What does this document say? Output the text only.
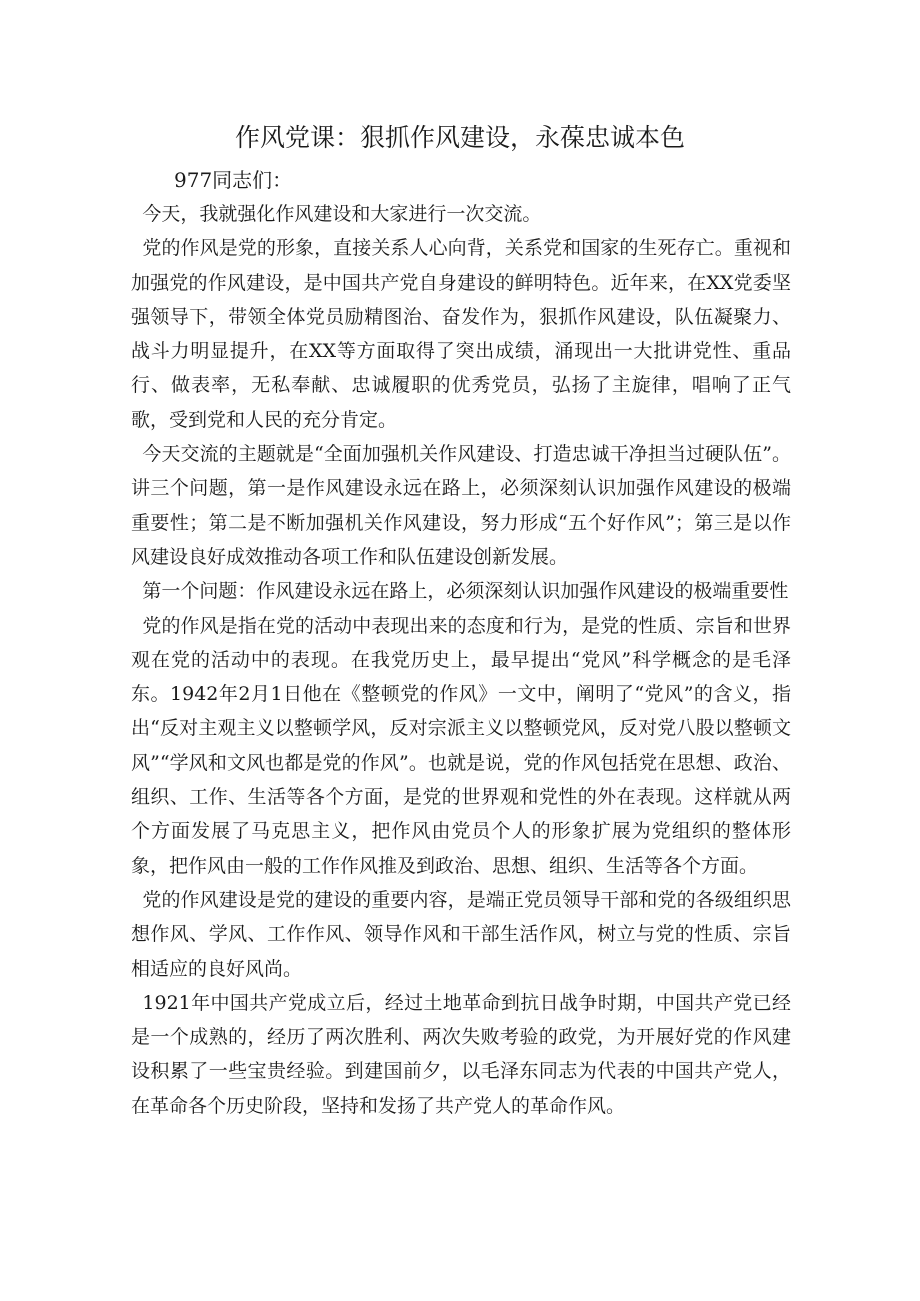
作风党课：狠抓作风建设，永葆忠诚本色

977同志们：

今天，我就强化作风建设和大家进行一次交流。

党的作风是党的形象，直接关系人心向背，关系党和国家的生死存亡。重视和加强党的作风建设，是中国共产党自身建设的鲜明特色。近年来，在XX党委坚强领导下，带领全体党员励精图治、奋发作为，狠抓作风建设，队伍凝聚力、战斗力明显提升，在XX等方面取得了突出成绩，涌现出一大批讲党性、重品行、做表率，无私奉献、忠诚履职的优秀党员，弘扬了主旋律，唱响了正气歌，受到党和人民的充分肯定。

今天交流的主题就是“全面加强机关作风建设、打造忠诚干净担当过硬队伍”。讲三个问题，第一是作风建设永远在路上，必须深刻认识加强作风建设的极端重要性；第二是不断加强机关作风建设，努力形成“五个好作风”；第三是以作风建设良好成效推动各项工作和队伍建设创新发展。

第一个问题：作风建设永远在路上，必须深刻认识加强作风建设的极端重要性

党的作风是指在党的活动中表现出来的态度和行为，是党的性质、宗旨和世界观在党的活动中的表现。在我党历史上，最早提出“党风”科学概念的是毛泽东。1942年2月1日他在《整顿党的作风》一文中，阐明了“党风”的含义，指出“反对主观主义以整顿学风，反对宗派主义以整顿党风，反对党八股以整顿文风”“学风和文风也都是党的作风”。也就是说，党的作风包括党在思想、政治、组织、工作、生活等各个方面，是党的世界观和党性的外在表现。这样就从两个方面发展了马克思主义，把作风由党员个人的形象扩展为党组织的整体形象，把作风由一般的工作作风推及到政治、思想、组织、生活等各个方面。

党的作风建设是党的建设的重要内容，是端正党员领导干部和党的各级组织思想作风、学风、工作作风、领导作风和干部生活作风，树立与党的性质、宗旨相适应的良好风尚。

1921年中国共产党成立后，经过土地革命到抗日战争时期，中国共产党已经是一个成熟的，经历了两次胜利、两次失败考验的政党，为开展好党的作风建设积累了一些宝贵经验。到建国前夕，以毛泽东同志为代表的中国共产党人，在革命各个历史阶段，坚持和发扬了共产党人的革命作风。
